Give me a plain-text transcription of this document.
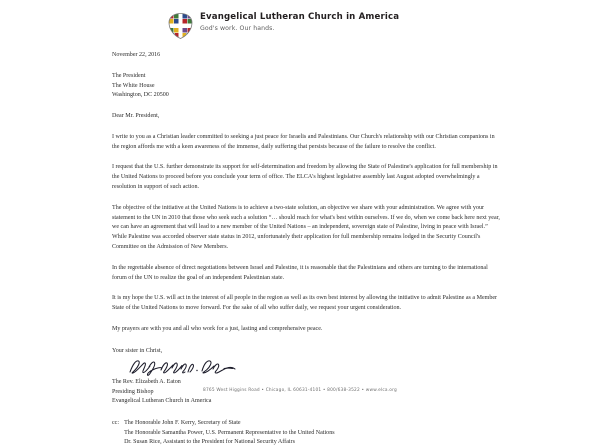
Evangelical Lutheran Church in America
God's work. Our hands.
November 22, 2016
The President
The White House
Washington, DC 20500
Dear Mr. President,

I write to you as a Christian leader committed to seeking a just peace for Israelis and Palestinians. Our Church's relationship with our Christian companions in the region affords me with a keen awareness of the immense, daily suffering that persists because of the failure to resolve the conflict.

I request that the U.S. further demonstrate its support for self-determination and freedom by allowing the State of Palestine's application for full membership in the United Nations to proceed before you conclude your term of office. The ELCA's highest legislative assembly last August adopted overwhelmingly a resolution in support of such action.

The objective of the initiative at the United Nations is to achieve a two-state solution, an objective we share with your administration. We agree with your statement to the UN in 2010 that those who seek such a solution “… should reach for what's best within ourselves. If we do, when we come back here next year, we can have an agreement that will lead to a new member of the United Nations – an independent, sovereign state of Palestine, living in peace with Israel.” While Palestine was accorded observer state status in 2012, unfortunately their application for full membership remains lodged in the Security Council's Committee on the Admission of New Members.

In the regrettable absence of direct negotiations between Israel and Palestine, it is reasonable that the Palestinians and others are turning to the international forum of the UN to realize the goal of an independent Palestinian state.

It is my hope the U.S. will act in the interest of all people in the region as well as its own best interest by allowing the initiative to admit Palestine as a Member State of the United Nations to move forward. For the sake of all who suffer daily, we request your urgent consideration.

My prayers are with you and all who work for a just, lasting and comprehensive peace.

Your sister in Christ,
The Rev. Elizabeth A. Eaton
Presiding Bishop
Evangelical Lutheran Church in America
cc: The Honorable John F. Kerry, Secretary of State
The Honorable Samantha Power, U.S. Permanent Representative to the United Nations
Dr. Susan Rice, Assistant to the President for National Security Affairs
8765 West Higgins Road • Chicago, IL 60631-4101 • 800/638-3522 • www.elca.org
